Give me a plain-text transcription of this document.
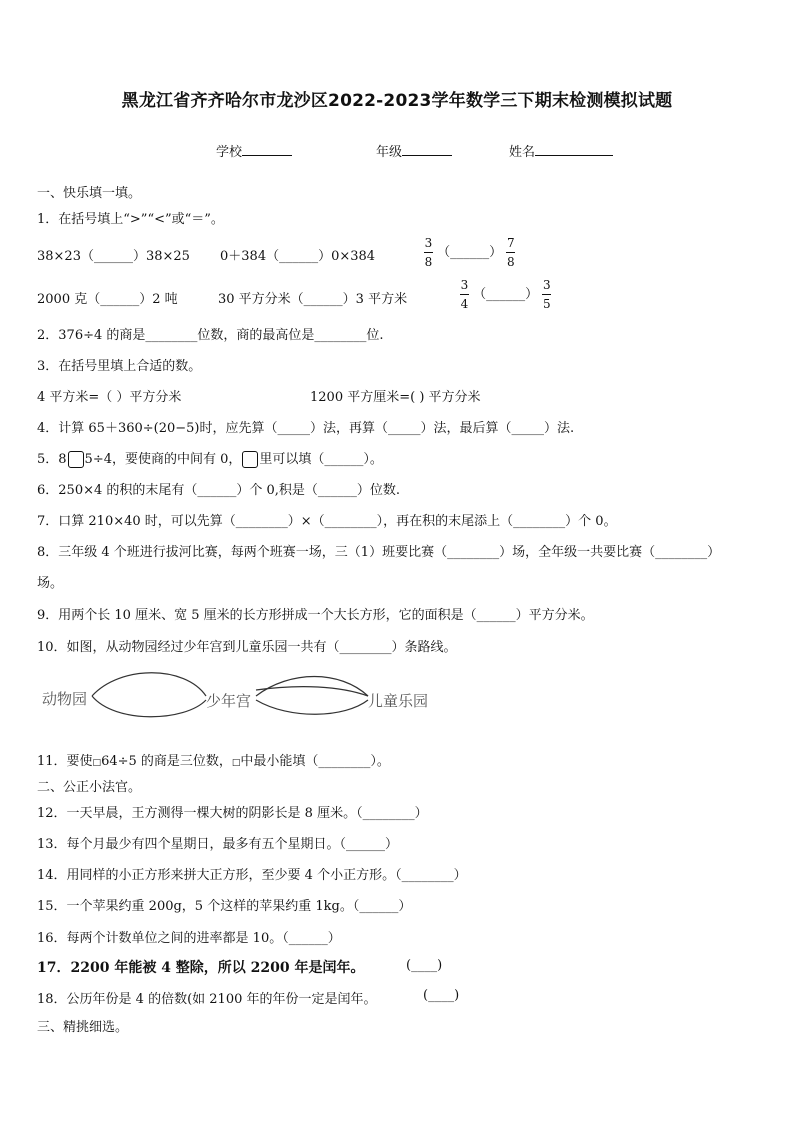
黑龙江省齐齐哈尔市龙沙区2022-2023学年数学三下期末检测模拟试题
学校	年级	姓名
一、快乐填一填。
1．在括号填上“>”“<”或“＝”。
38×23（______）38×25 0＋384（______）0×384	$\frac{3}{8}$ （______） $\frac{7}{8}$
2000 克（______）2 吨	30 平方分米（______）3 平方米	$\frac{3}{4}$ （______） $\frac{3}{5}$
2．376÷4 的商是________位数，商的最高位是________位.
3．在括号里填上合适的数。
4 平方米=（ ）平方分米	1200 平方厘米=( ) 平方分米
4．计算 65＋360÷(20−5)时，应先算（_____）法，再算（_____）法，最后算（_____）法.
5．8 5÷4，要使商的中间有 0， 里可以填（______）。
6．250×4 的积的末尾有（______）个 0,积是（______）位数.
7．口算 210×40 时，可以先算（________）×（________），再在积的末尾添上（________）个 0。
8．三年级 4 个班进行拔河比赛，每两个班赛一场，三（1）班要比赛（________）场，全年级一共要比赛（________）
场。
9．用两个长 10 厘米、宽 5 厘米的长方形拼成一个大长方形，它的面积是（______）平方分米。
10．如图，从动物园经过少年宫到儿童乐园一共有（________）条路线。
动物园	少年宫	儿童乐园
11．要使□64÷5 的商是三位数，□中最小能填（________）。
二、公正小法官。
12．一天早晨，王方测得一棵大树的阴影长是 8 厘米。（________）
13．每个月最少有四个星期日，最多有五个星期日。（______）
14．用同样的小正方形来拼大正方形，至少要 4 个小正方形。（________）
15．一个苹果约重 200g，5 个这样的苹果约重 1kg。（______）
16．每两个计数单位之间的进率都是 10。（______）
17．2200 年能被 4 整除，所以 2200 年是闰年。	(____)
18．公历年份是 4 的倍数(如 2100 年的年份一定是闰年。	(____)
三、精挑细选。
